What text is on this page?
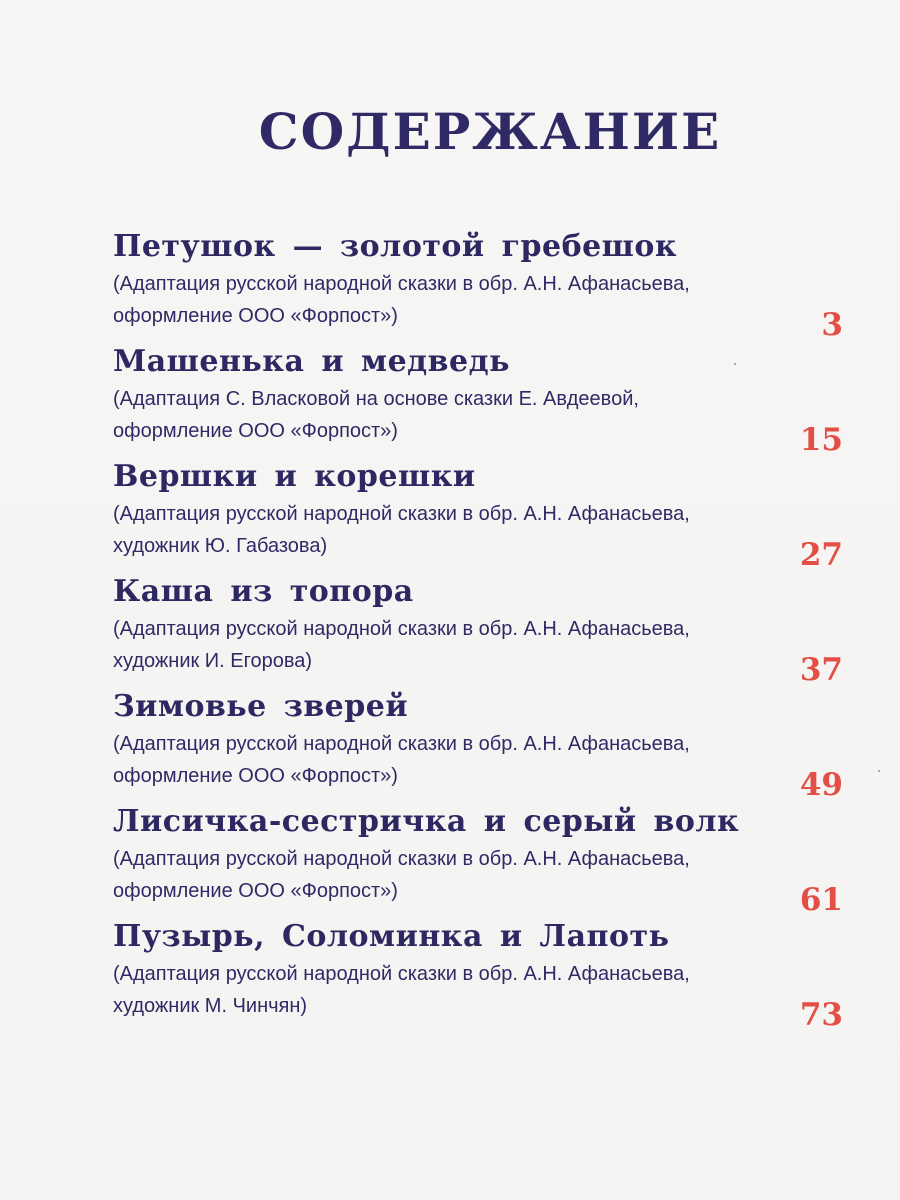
СОДЕРЖАНИЕ
Петушок — золотой гребешок
(Адаптация русской народной сказки в обр. А.Н. Афанасьева,
оформление ООО «Форпост»)	3
Машенька и медведь
(Адаптация С. Власковой на основе сказки Е. Авдеевой,
оформление ООО «Форпост»)	15
Вершки и корешки
(Адаптация русской народной сказки в обр. А.Н. Афанасьева,
художник Ю. Габазова)	27
Каша из топора
(Адаптация русской народной сказки в обр. А.Н. Афанасьева,
художник И. Егорова)	37
Зимовье зверей
(Адаптация русской народной сказки в обр. А.Н. Афанасьева,
оформление ООО «Форпост»)	49
Лисичка-сестричка и серый волк
(Адаптация русской народной сказки в обр. А.Н. Афанасьева,
оформление ООО «Форпост»)	61
Пузырь, Соломинка и Лапоть
(Адаптация русской народной сказки в обр. А.Н. Афанасьева,
художник М. Чинчян)	73
